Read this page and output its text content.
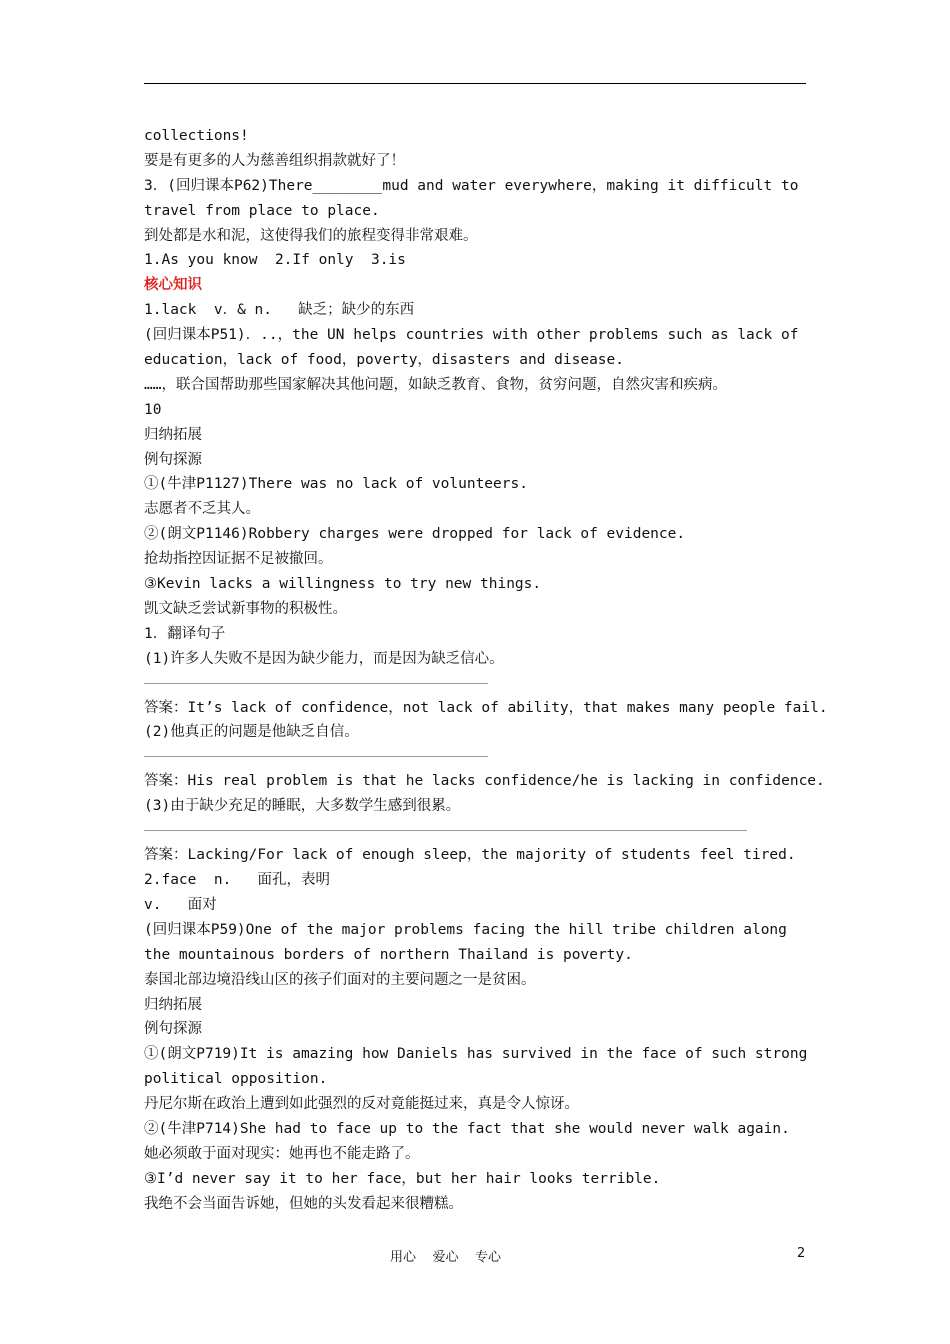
collections!

要是有更多的人为慈善组织捐款就好了！

3．(回归课本P62)There________mud and water everywhere，making it difficult to

travel from place to place.

到处都是水和泥，这使得我们的旅程变得非常艰难。

1.As you know  2.If only  3.is

核心知识

1.lack  v．& n.   缺乏；缺少的东西

(回归课本P51)．..，the UN helps countries with other problems such as lack of

education，lack of food，poverty，disasters and disease.

……，联合国帮助那些国家解决其他问题，如缺乏教育、食物，贫穷问题，自然灾害和疾病。

10

归纳拓展

例句探源

①(牛津P1127)There was no lack of volunteers.

志愿者不乏其人。

②(朗文P1146)Robbery charges were dropped for lack of evidence.

抢劫指控因证据不足被撤回。

③Kevin lacks a willingness to try new things.

凯文缺乏尝试新事物的积极性。

1．翻译句子

(1)许多人失败不是因为缺少能力，而是因为缺乏信心。

答案：It’s lack of confidence，not lack of ability，that makes many people fail.

(2)他真正的问题是他缺乏自信。

答案：His real problem is that he lacks confidence/he is lacking in confidence.

(3)由于缺少充足的睡眠，大多数学生感到很累。

答案：Lacking/For lack of enough sleep，the majority of students feel tired.

2.face  n.   面孔，表明

v.   面对

(回归课本P59)One of the major problems facing the hill tribe children along

the mountainous borders of northern Thailand is poverty.

泰国北部边境沿线山区的孩子们面对的主要问题之一是贫困。

归纳拓展

例句探源

①(朗文P719)It is amazing how Daniels has survived in the face of such strong

political opposition.

丹尼尔斯在政治上遭到如此强烈的反对竟能挺过来，真是令人惊讶。

②(牛津P714)She had to face up to the fact that she would never walk again.

她必须敢于面对现实：她再也不能走路了。

③I’d never say it to her face，but her hair looks terrible.

我绝不会当面告诉她，但她的头发看起来很糟糕。

用心    爱心    专心	2
